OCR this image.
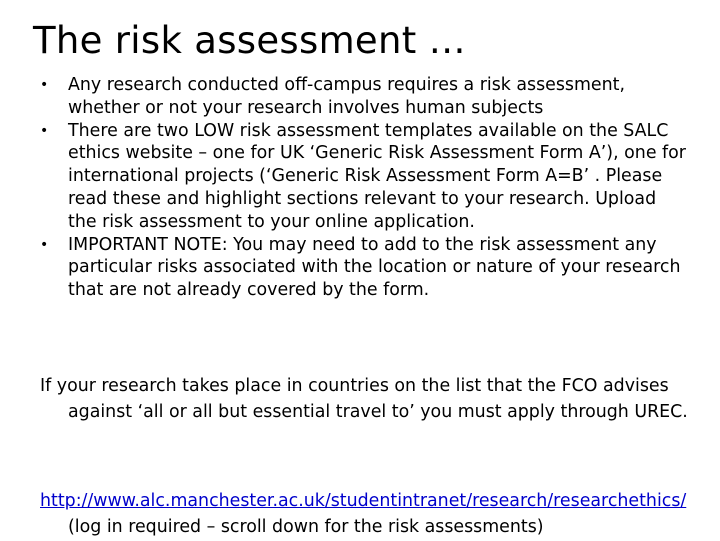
The risk assessment …
•	Any research conducted off-campus requires a risk assessment, whether or not your research involves human subjects
•	There are two LOW risk assessment templates available on the SALC ethics website – one for UK ‘Generic Risk Assessment Form A’), one for international projects (‘Generic Risk Assessment Form A=B’ . Please read these and highlight sections relevant to your research. Upload the risk assessment to your online application.
•	IMPORTANT NOTE: You may need to add to the risk assessment any particular risks associated with the location or nature of your research that are not already covered by the form.

If your research takes place in countries on the list that the FCO advises against ‘all or all but essential travel to’ you must apply through UREC.

http://www.alc.manchester.ac.uk/studentintranet/research/researchethics/ (log in required – scroll down for the risk assessments)
